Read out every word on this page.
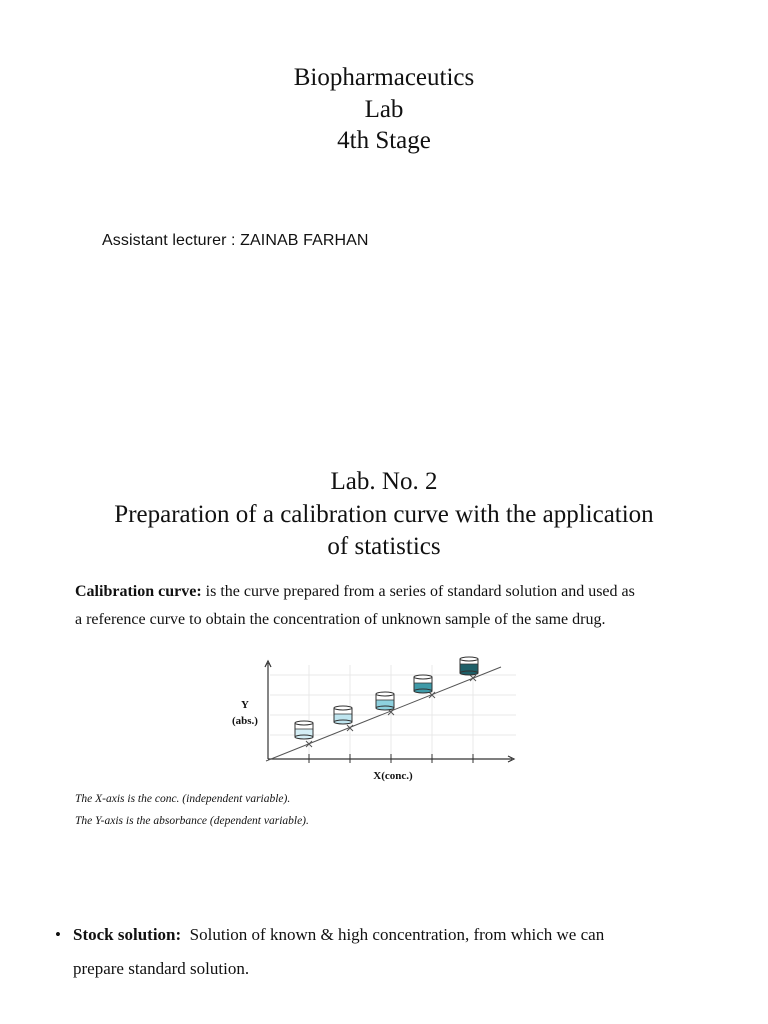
Biopharmaceutics
Lab
4th Stage
Assistant lecturer : ZAINAB FARHAN
Lab. No. 2
Preparation of a calibration curve with the application
of statistics
Calibration curve: is the curve prepared from a series of standard solution and used as
a reference curve to obtain the concentration of unknown sample of the same drug.
Y
(abs.)
X(conc.)
The X-axis is the conc. (independent variable).
The Y-axis is the absorbance (dependent variable).
• Stock solution:  Solution of known & high concentration, from which we can
prepare standard solution.
